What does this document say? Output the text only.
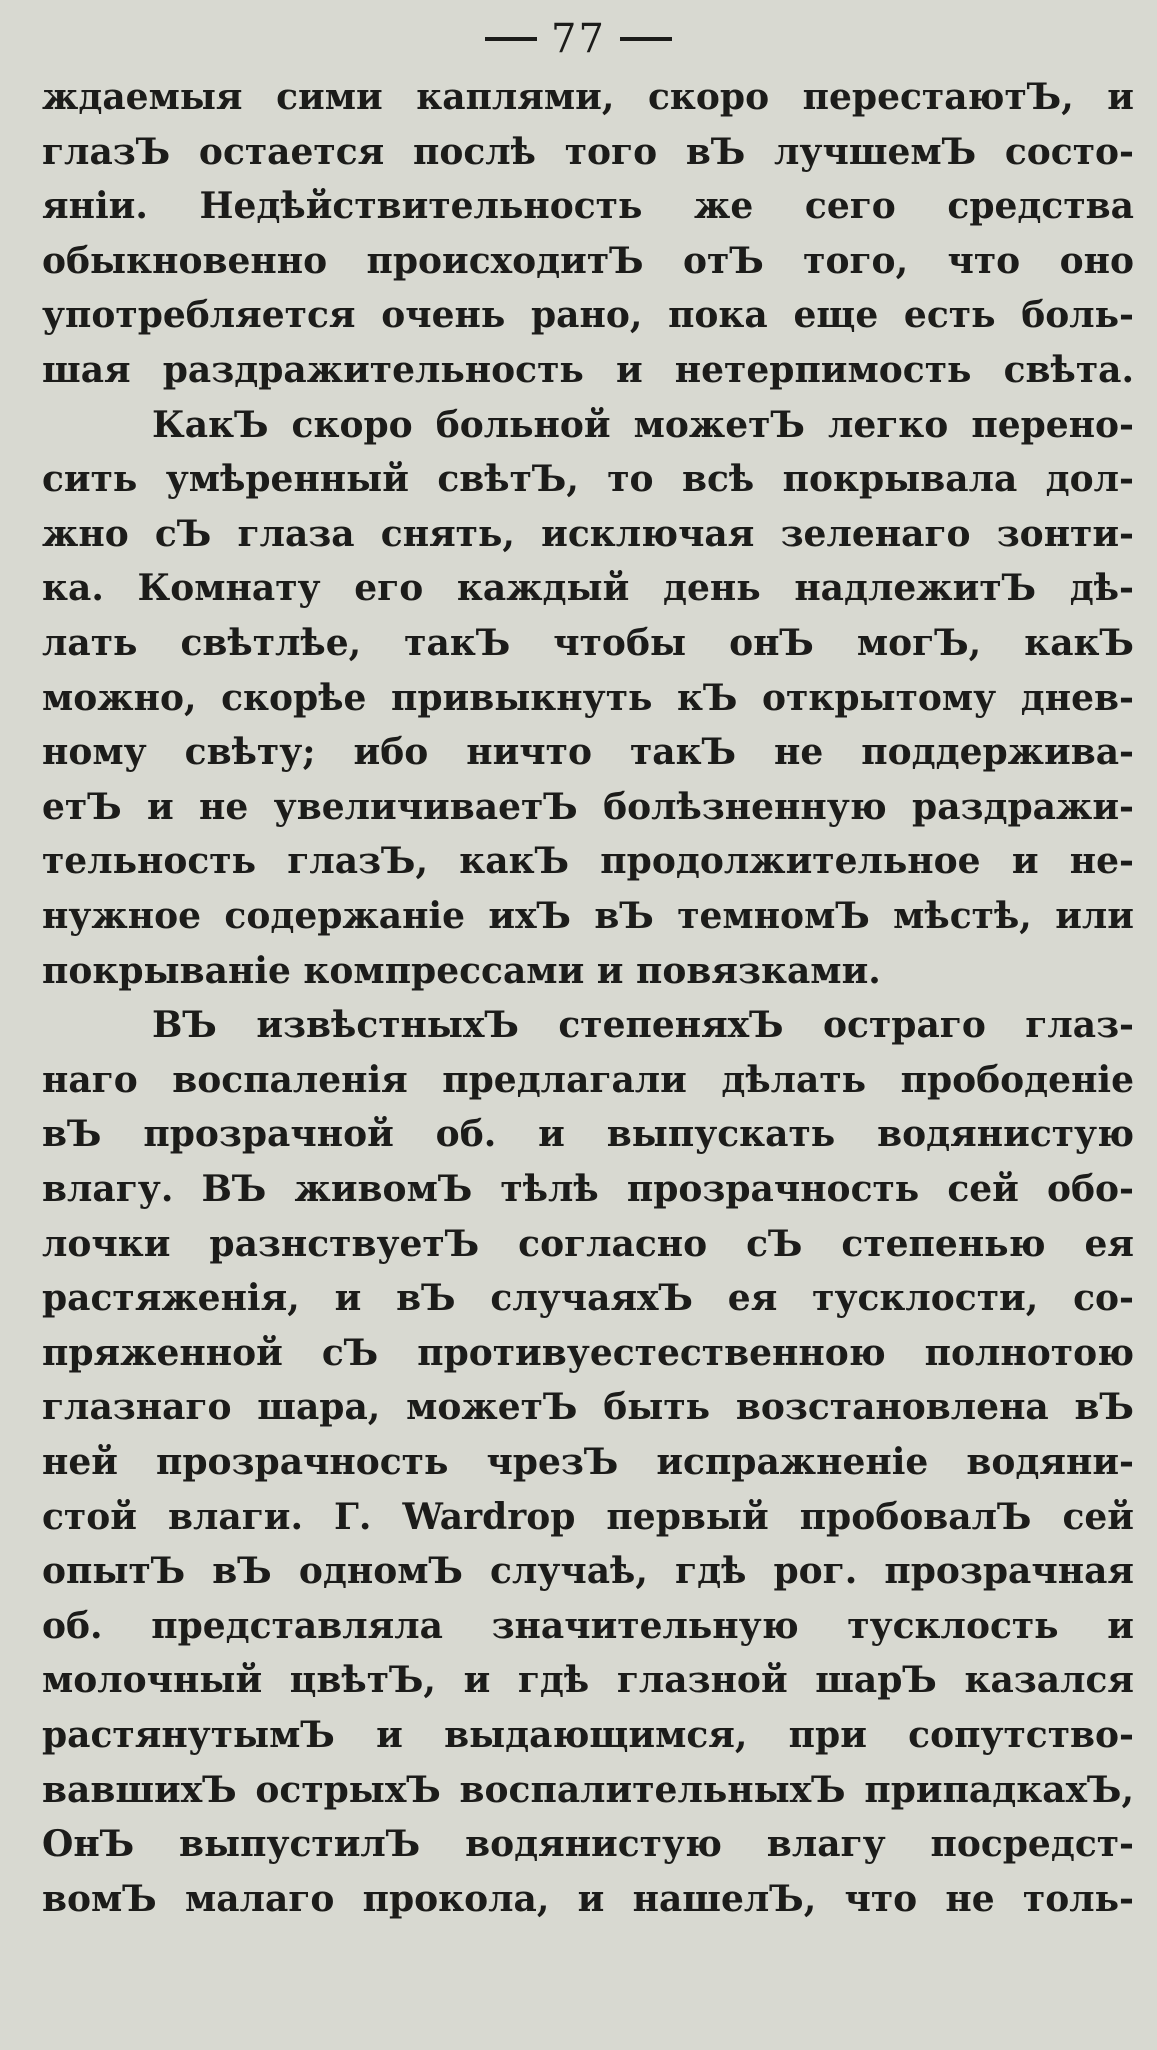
77
ждаемыя сими каплями, скоро перестаютЪ, и
глазЪ остается послѣ того вЪ лучшемЪ состо-
яніи. Недѣйствительность же сего средства
обыкновенно происходитЪ отЪ того, что оно
употребляется очень рано, пока еще есть боль-
шая раздражительность и нетерпимость свѣта.
КакЪ скоро больной можетЪ легко перено-
сить умѣренный свѣтЪ, то всѣ покрывала дол-
жно сЪ глаза снять, исключая зеленаго зонти-
ка. Комнату его каждый день надлежитЪ дѣ-
лать свѣтлѣе, такЪ чтобы онЪ могЪ, какЪ
можно, скорѣе привыкнуть кЪ открытому днев-
ному свѣту; ибо ничто такЪ не поддержива-
етЪ и не увеличиваетЪ болѣзненную раздражи-
тельность глазЪ, какЪ продолжительное и не-
нужное содержаніе ихЪ вЪ темномЪ мѣстѣ, или
покрываніе компрессами и повязками.
ВЪ извѣстныхЪ степеняхЪ остраго глаз-
наго воспаленія предлагали дѣлать прободеніе
вЪ прозрачной об. и выпускать водянистую
влагу. ВЪ живомЪ тѣлѣ прозрачность сей обо-
лочки разнствуетЪ согласно сЪ степенью ея
растяженія, и вЪ случаяхЪ ея тусклости, со-
пряженной сЪ противуестественною полнотою
глазнаго шара, можетЪ быть возстановлена вЪ
ней прозрачность чрезЪ испражненіе водяни-
стой влаги. Г. Wardrop первый пробовалЪ сей
опытЪ вЪ одномЪ случаѣ, гдѣ рог. прозрачная
об. представляла значительную тусклость и
молочный цвѣтЪ, и гдѣ глазной шарЪ казался
растянутымЪ и выдающимся, при сопутство-
вавшихЪ острыхЪ воспалительныхЪ припадкахЪ,
ОнЪ выпустилЪ водянистую влагу посредст-
вомЪ малаго прокола, и нашелЪ, что не толь-
